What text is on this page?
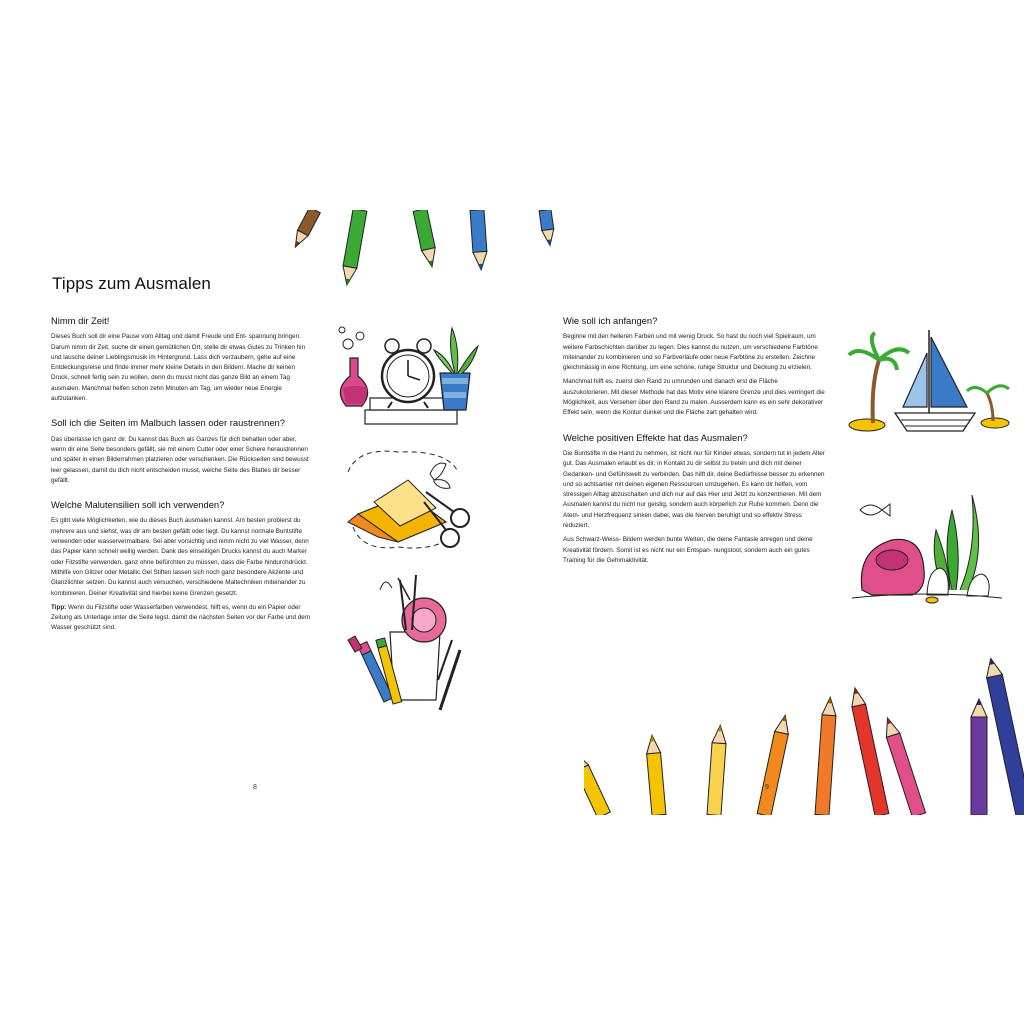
Tipps zum Ausmalen
Nimm dir Zeit!

Dieses Buch soll dir eine Pause vom Alltag und damit Freude und Ent- spannung bringen. Darum nimm dir Zeit, suche dir einen gemütlichen Ort, stelle dir etwas Gutes zu Trinken hin und lausche deiner Lieblingsmusik im Hintergrund. Lass dich verzaubern, gehe auf eine Entdeckungsreise und finde immer mehr kleine Details in den Bildern. Mache dir keinen Druck, schnell fertig sein zu wollen, denn du musst nicht das ganze Bild an einem Tag ausmalen. Manchmal helfen schon zehn Minuten am Tag, um wieder neue Energie aufzutanken.

Soll ich die Seiten im Malbuch lassen oder raustrennen?

Das überlasse ich ganz dir. Du kannst das Buch als Ganzes für dich behalten oder aber, wenn dir eine Seite besonders gefällt, sie mit einem Cutter oder einer Schere heraustrennen und später in einen Bilderrahmen platzieren oder verschenken. Die Rückseiten sind bewusst leer gelassen, damit du dich nicht entscheiden musst, welche Seite des Blattes dir besser gefällt.

Welche Malutensilien soll ich verwenden?

Es gibt viele Möglichkeiten, wie du dieses Buch ausmalen kannst. Am besten probierst du mehrere aus und siehst, was dir am besten gefällt oder liegt. Du kannst normale Buntstifte verwenden oder wasservermalbare. Sei aber vorsichtig und nimm nicht zu viel Wasser, denn das Papier kann schnell wellig werden. Dank des einseitigen Drucks kannst du auch Marker oder Filzstifte verwenden, ganz ohne befürchten zu müssen, dass die Farbe hindurchdrückt. Mithilfe von Glitzer oder Metallic Gel Stiften lassen sich noch ganz besondere Akzente und Glanzlichter setzen. Du kannst auch versuchen, verschiedene Maltechniken miteinander zu kombinieren. Deiner Kreativität sind hierbei keine Grenzen gesetzt.

Tipp: Wenn du Filzstifte oder Wasserfarben verwendest, hilft es, wenn du ein Papier oder Zeitung als Unterlage unter die Seite legst, damit die nächsten Seiten vor der Farbe und dem Wasser geschützt sind.

8
Wie soll ich anfangen?

Beginne mit den helleren Farben und mit wenig Druck. So hast du noch viel Spielraum, um weitere Farbschichten darüber zu legen. Dies kannst du nutzen, um verschiedene Farbtöne miteinander zu kombinieren und so Farbverläufe oder neue Farbtöne zu erstellen. Zeichne gleichmässig in eine Richtung, um eine schöne, ruhige Struktur und Deckung zu erzielen.

Manchmal hilft es, zuerst den Rand zu umrunden und danach erst die Fläche auszukolorieren. Mit dieser Methode hat das Motiv eine klarere Grenze und dies verringert die Möglichkeit, aus Versehen über den Rand zu malen. Ausserdem kann es ein sehr dekorativer Effekt sein, wenn die Kontur dunkel und die Fläche zart gehalten wird.

Welche positiven Effekte hat das Ausmalen?

Die Buntstifte in die Hand zu nehmen, ist nicht nur für Kinder etwas, sondern tut in jedem Alter gut. Das Ausmalen erlaubt es dir, in Kontakt zu dir selbst zu treten und dich mit deiner Gedanken- und Gefühlswelt zu verbinden. Das hilft dir, deine Bedürfnisse besser zu erkennen und so achtsamer mit deinen eigenen Ressourcen umzugehen. Es kann dir helfen, vom stressigen Alltag abzuschalten und dich nur auf das Hier und Jetzt zu konzentrieren. Mit dem Ausmalen kannst du nicht nur geistig, sondern auch körperlich zur Ruhe kommen. Denn die Atem- und Herzfrequenz sinken dabei, was die Nerven beruhigt und so effektiv Stress reduziert.

Aus Schwarz-Weiss- Bildern werden bunte Welten, die deine Fantasie anregen und deine Kreativität fördern. Somit ist es nicht nur ein Entspan- nungstool, sondern auch ein gutes Training für die Gehirnaktivität.

9
